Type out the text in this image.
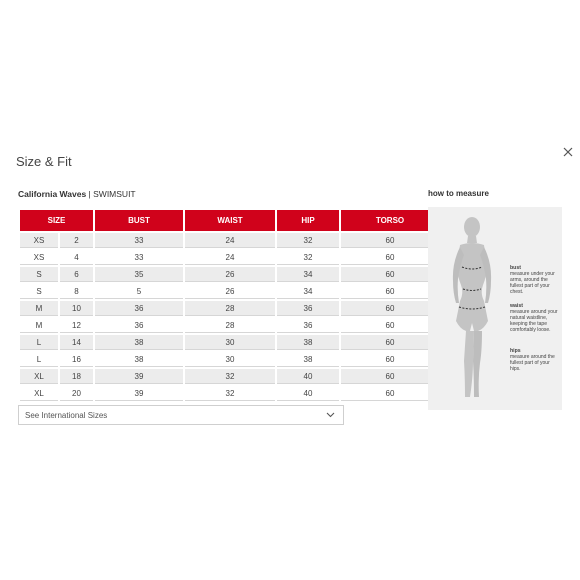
Size & Fit
California Waves | SWIMSUIT	how to measure
SIZE		BUST	WAIST	HIP	TORSO
XS	2	33	24	32	60
XS	4	33	24	32	60
S	6	35	26	34	60
S	8	5	26	34	60
M	10	36	28	36	60
M	12	36	28	36	60
L	14	38	30	38	60
L	16	38	30	38	60
XL	18	39	32	40	60
XL	20	39	32	40	60
See International Sizes
bust
measure under your arms, around the fullest part of your chest.
waist
measure around your natural waistline, keeping the tape comfortably loose.
hips
measure around the fullest part of your hips.
